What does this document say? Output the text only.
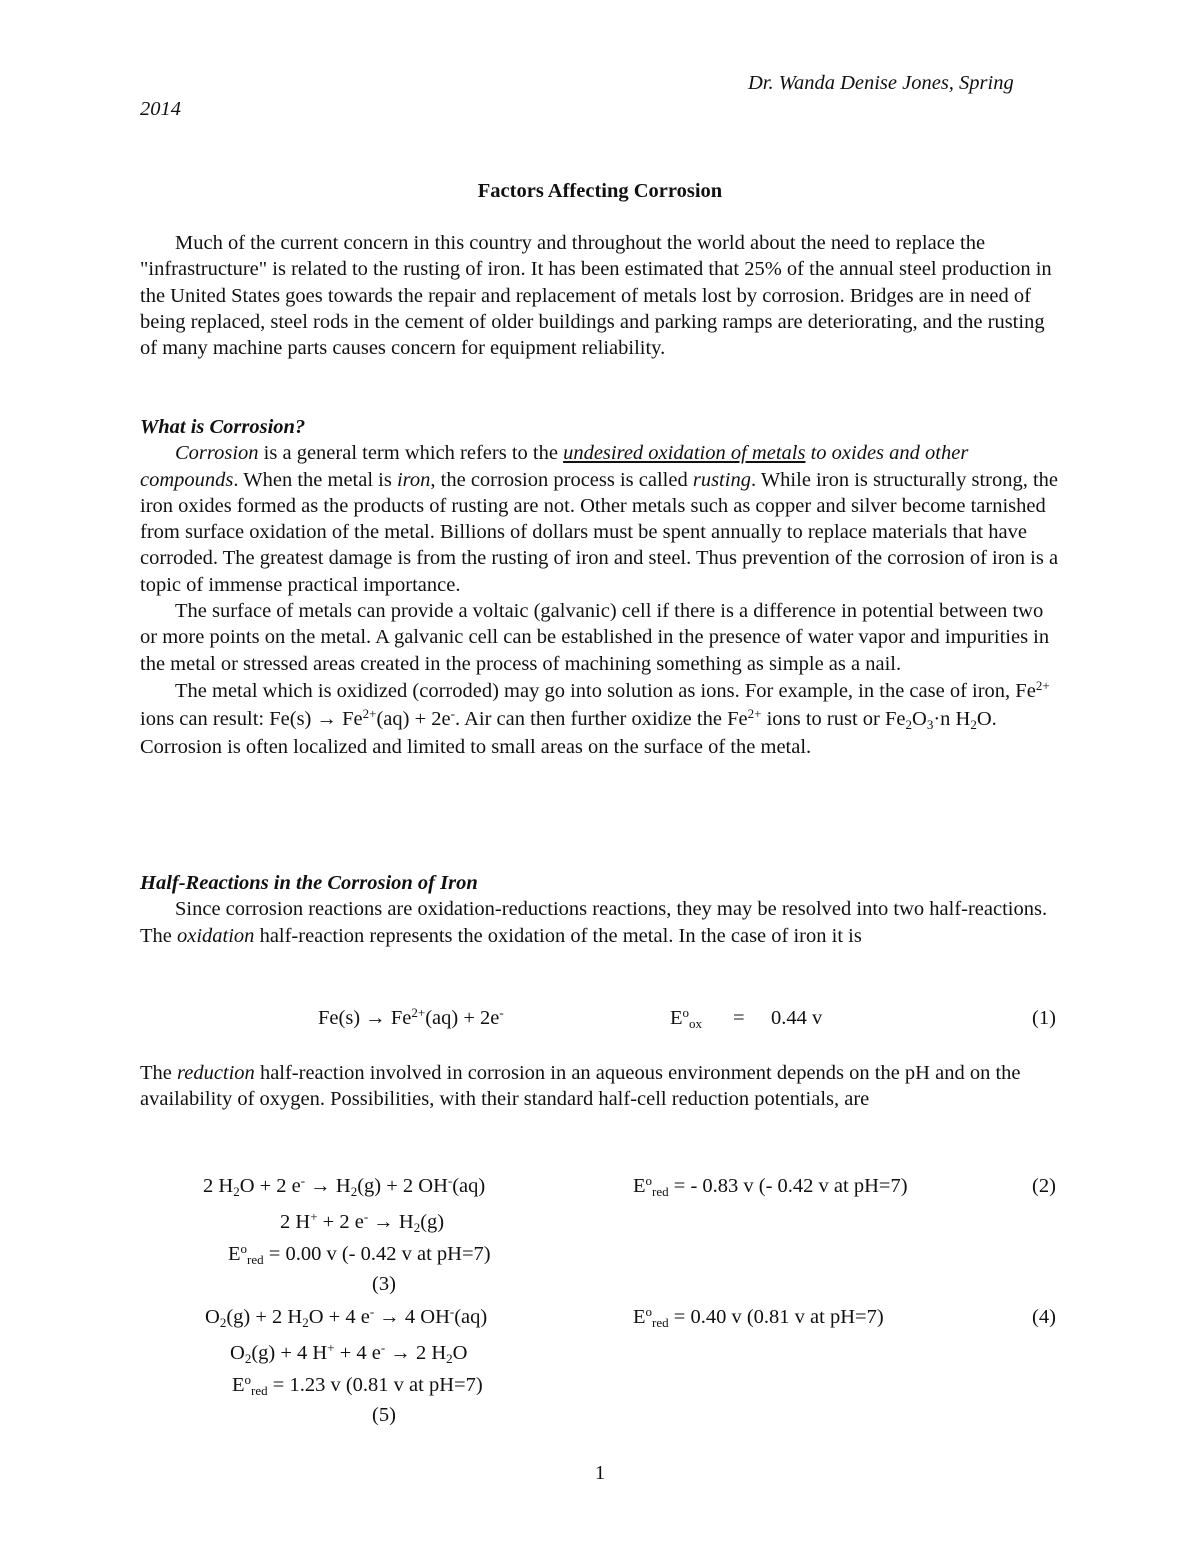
Dr. Wanda Denise Jones, Spring
2014
Factors Affecting Corrosion

Much of the current concern in this country and throughout the world about the need to replace the "infrastructure" is related to the rusting of iron. It has been estimated that 25% of the annual steel production in the United States goes towards the repair and replacement of metals lost by corrosion. Bridges are in need of being replaced, steel rods in the cement of older buildings and parking ramps are deteriorating, and the rusting of many machine parts causes concern for equipment reliability.

What is Corrosion?

Corrosion is a general term which refers to the undesired oxidation of metals to oxides and other compounds. When the metal is iron, the corrosion process is called rusting. While iron is structurally strong, the iron oxides formed as the products of rusting are not. Other metals such as copper and silver become tarnished from surface oxidation of the metal. Billions of dollars must be spent annually to replace materials that have corroded. The greatest damage is from the rusting of iron and steel. Thus prevention of the corrosion of iron is a topic of immense practical importance.

The surface of metals can provide a voltaic (galvanic) cell if there is a difference in potential between two or more points on the metal. A galvanic cell can be established in the presence of water vapor and impurities in the metal or stressed areas created in the process of machining something as simple as a nail.

The metal which is oxidized (corroded) may go into solution as ions. For example, in the case of iron, $Fe^{2+}$ ions can result: $Fe(s) \to Fe^{2+}(aq) + 2e^-$. Air can then further oxidize the $Fe^{2+}$ ions to rust or $Fe_2O_3\cdot n$ $H_2O$. Corrosion is often localized and limited to small areas on the surface of the metal.

Half-Reactions in the Corrosion of Iron

Since corrosion reactions are oxidation-reductions reactions, they may be resolved into two half-reactions. The oxidation half-reaction represents the oxidation of the metal. In the case of iron it is

$Fe(s) \to Fe^{2+}(aq) + 2e^-$	$E^o_{ox} = 0.44$ v	(1)

The reduction half-reaction involved in corrosion in an aqueous environment depends on the pH and on the availability of oxygen. Possibilities, with their standard half-cell reduction potentials, are

2 $H_2O + 2$ $e^- \to H_2(g) + 2$ OH-(aq)	$E^o_{red}$ = - 0.83 v (- 0.42 v at pH=7)	(2)
2 H+ + 2 $e^- \to H_2(g)$
$E^o_{red} = 0.00$ v (- 0.42 v at pH=7)
(3)
$O_2(g) + 2$ $H_2O + 4$ e- → 4 OH-(aq)	$E^o_{red} = 0.40$ v (0.81 v at pH=7)	(4)
$O_2(g) + 4$ H+ + 4 e- → 2 $H_2O$
$E^o_{red} = 1.23$ v (0.81 v at pH=7)
(5)
1
